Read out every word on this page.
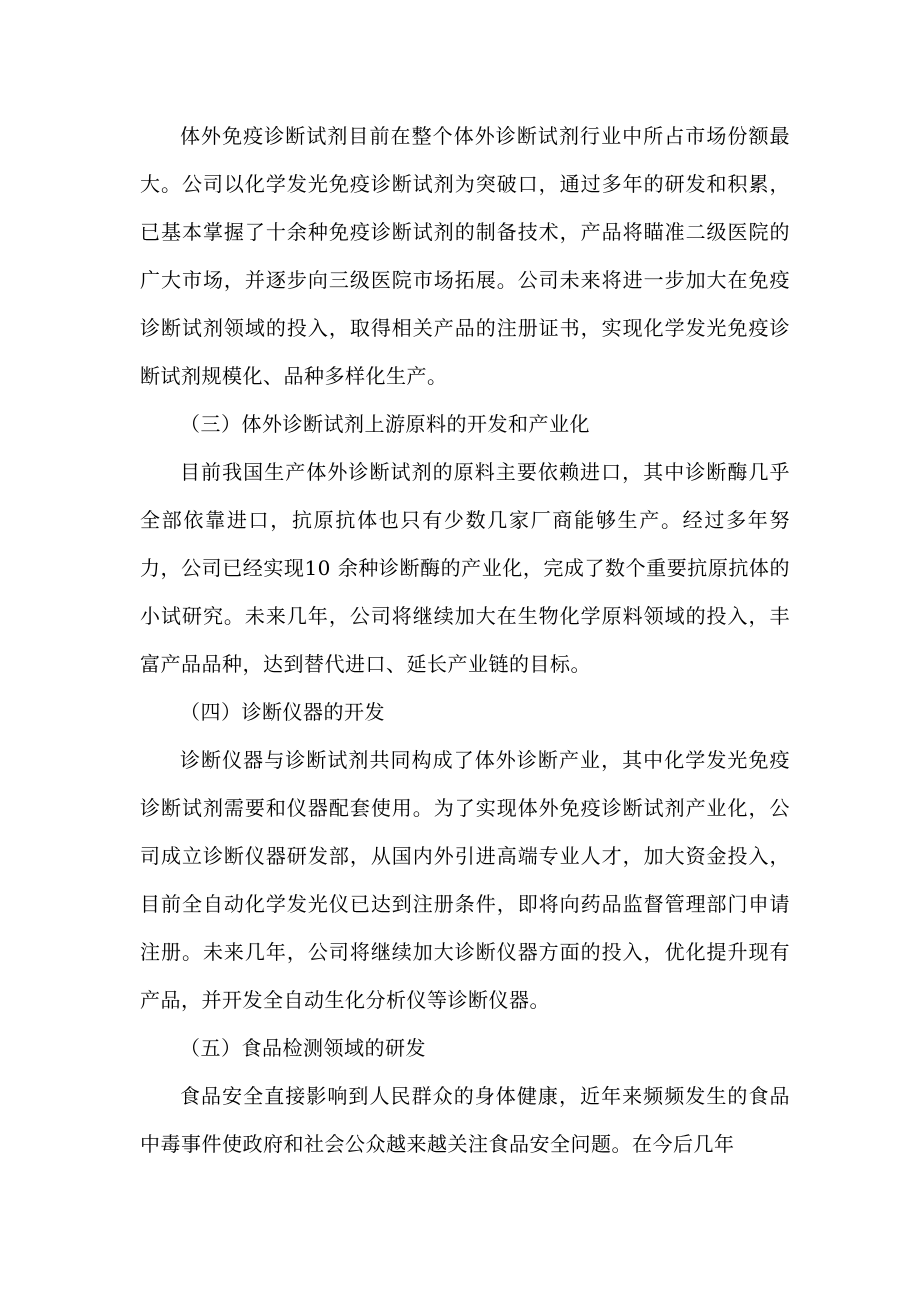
体外免疫诊断试剂目前在整个体外诊断试剂行业中所占市场份额最大。公司以化学发光免疫诊断试剂为突破口，通过多年的研发和积累，已基本掌握了十余种免疫诊断试剂的制备技术，产品将瞄准二级医院的广大市场，并逐步向三级医院市场拓展。公司未来将进一步加大在免疫诊断试剂领域的投入，取得相关产品的注册证书，实现化学发光免疫诊断试剂规模化、品种多样化生产。

（三）体外诊断试剂上游原料的开发和产业化

目前我国生产体外诊断试剂的原料主要依赖进口，其中诊断酶几乎全部依靠进口，抗原抗体也只有少数几家厂商能够生产。经过多年努力，公司已经实现10 余种诊断酶的产业化，完成了数个重要抗原抗体的小试研究。未来几年，公司将继续加大在生物化学原料领域的投入，丰富产品品种，达到替代进口、延长产业链的目标。

（四）诊断仪器的开发

诊断仪器与诊断试剂共同构成了体外诊断产业，其中化学发光免疫诊断试剂需要和仪器配套使用。为了实现体外免疫诊断试剂产业化，公司成立诊断仪器研发部，从国内外引进高端专业人才，加大资金投入，目前全自动化学发光仪已达到注册条件，即将向药品监督管理部门申请注册。未来几年，公司将继续加大诊断仪器方面的投入，优化提升现有产品，并开发全自动生化分析仪等诊断仪器。

（五）食品检测领域的研发

食品安全直接影响到人民群众的身体健康，近年来频频发生的食品中毒事件使政府和社会公众越来越关注食品安全问题。在今后几年
